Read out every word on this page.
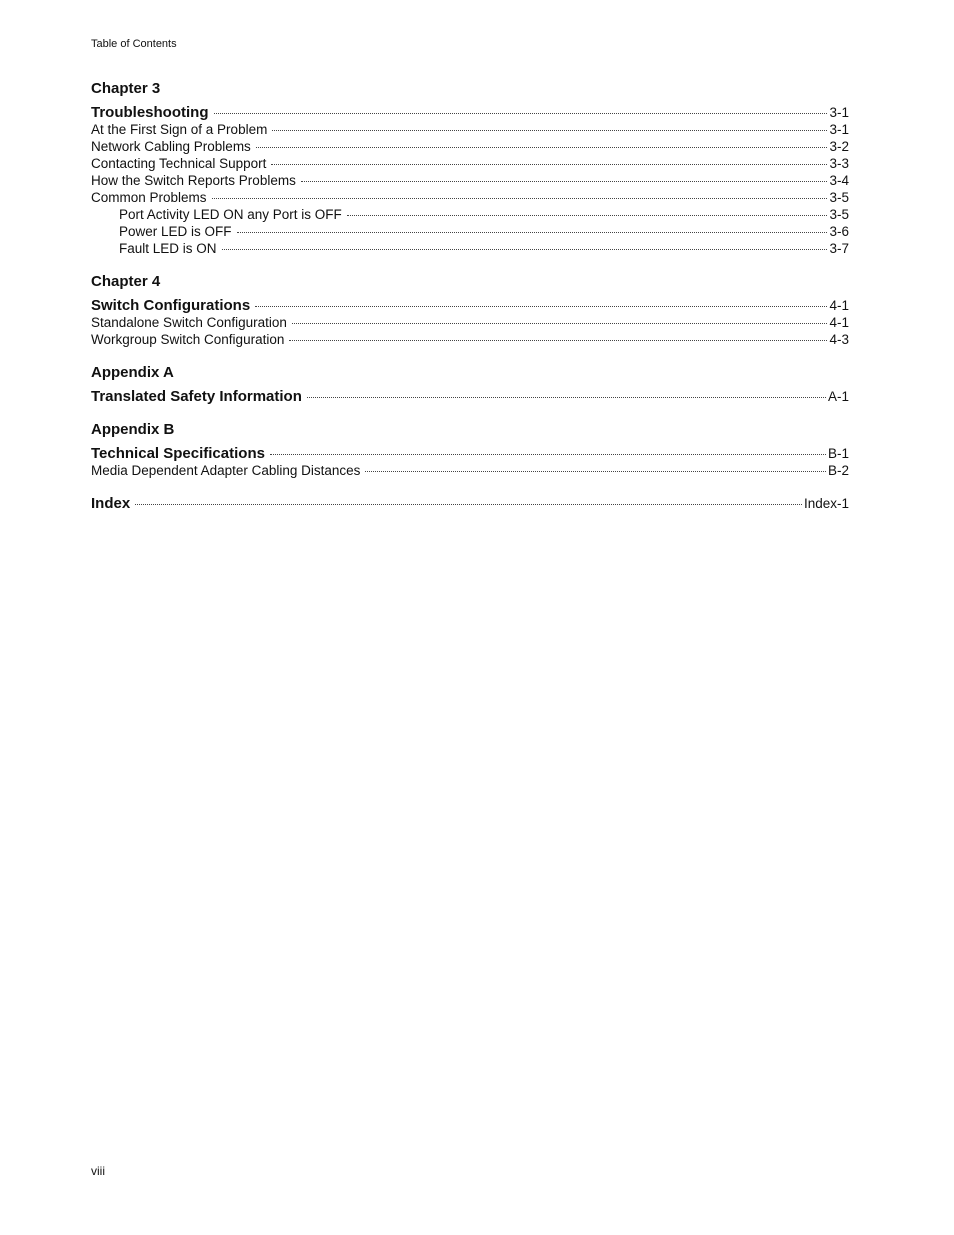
Table of Contents
Chapter 3
Troubleshooting	3-1
At the First Sign of a Problem	3-1
Network Cabling Problems	3-2
Contacting Technical Support	3-3
How the Switch Reports Problems	3-4
Common Problems	3-5
Port Activity LED ON any Port is OFF	3-5
Power LED is OFF	3-6
Fault LED is ON	3-7
Chapter 4
Switch Configurations	4-1
Standalone Switch Configuration	4-1
Workgroup Switch Configuration	4-3
Appendix A
Translated Safety Information	A-1
Appendix B
Technical Specifications	B-1
Media Dependent Adapter Cabling Distances	B-2
Index	Index-1
viii
